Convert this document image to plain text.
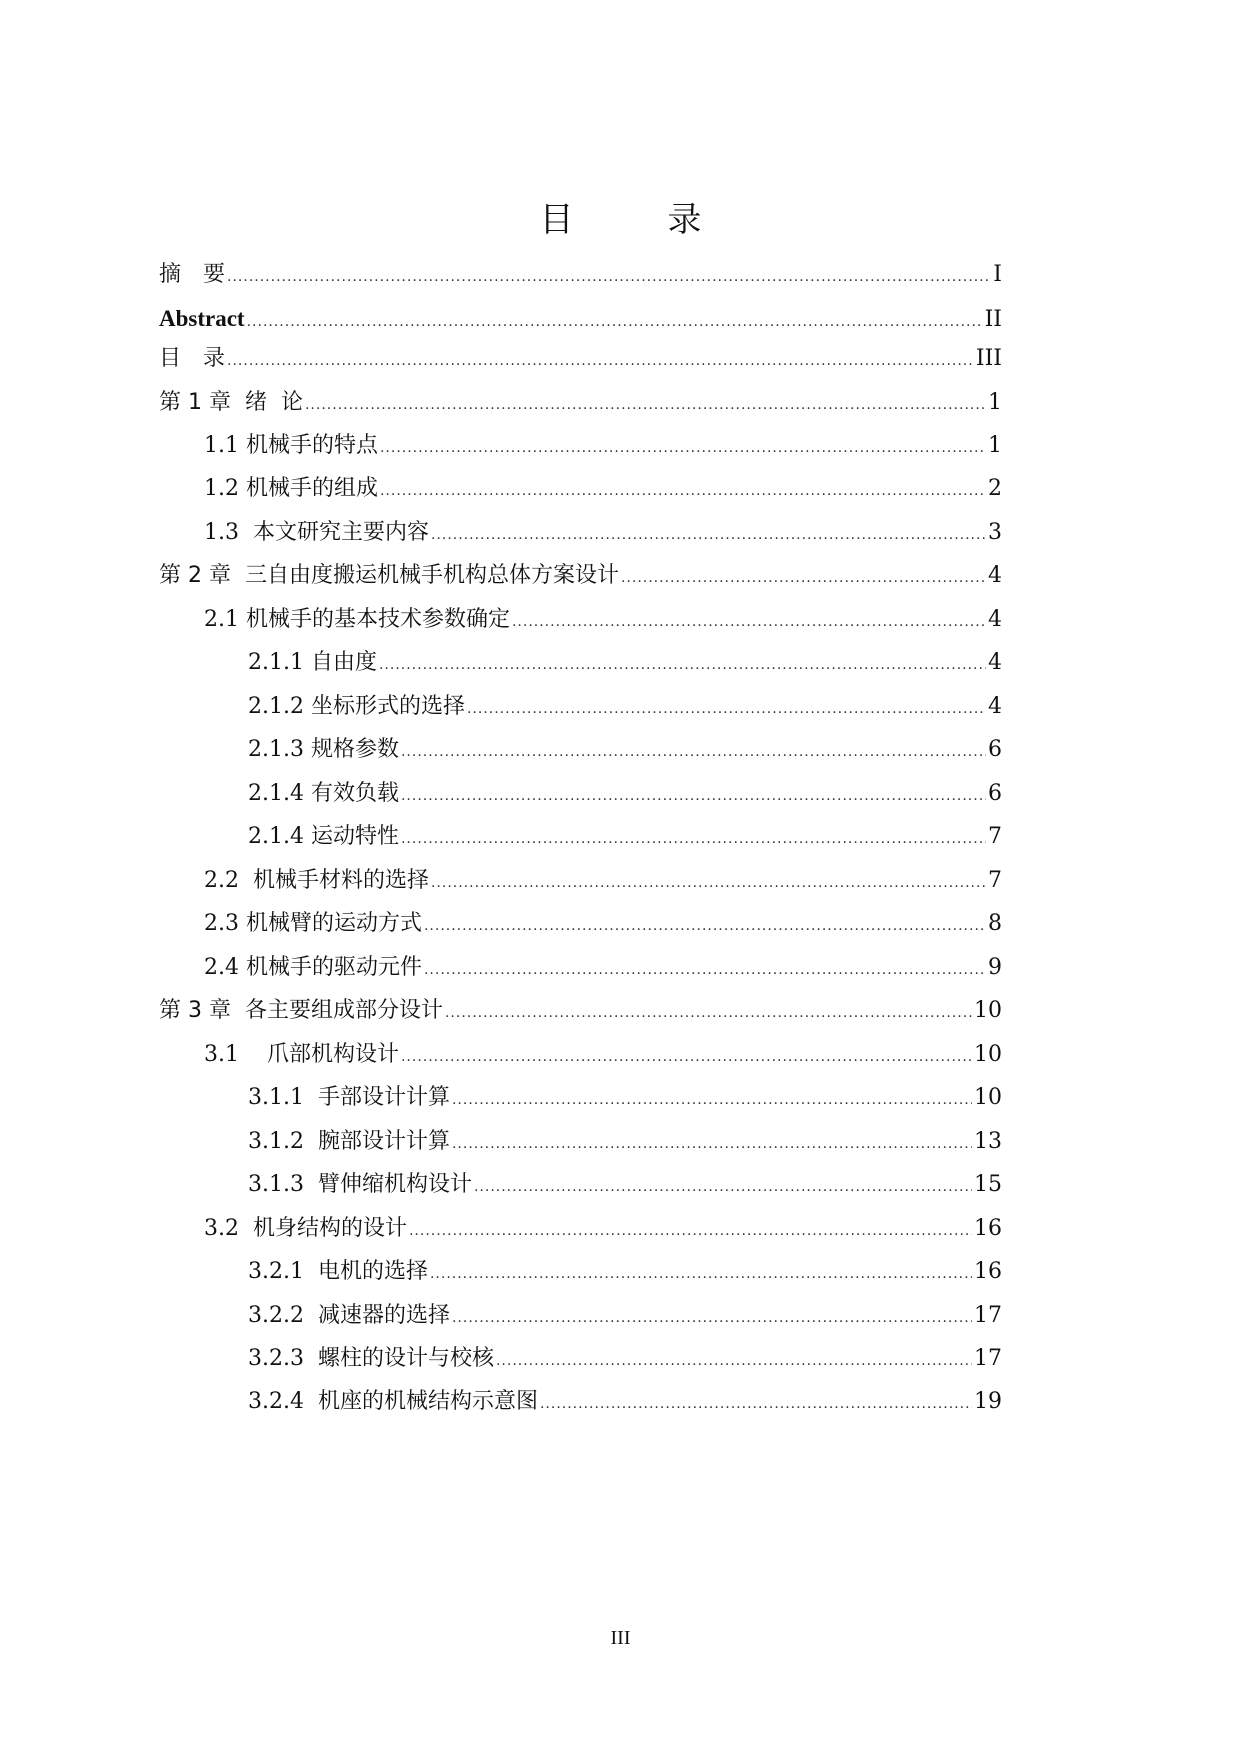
目　录
摘　要 .....	I
Abstract .....	II
目　录 .....	III
第 1 章  绪  论 .....	1
1.1 机械手的特点 .....	1
1.2 机械手的组成 .....	2
1.3  本文研究主要内容 .....	3
第 2 章  三自由度搬运机械手机构总体方案设计 .....	4
2.1 机械手的基本技术参数确定 .....	4
2.1.1 自由度 .....	4
2.1.2 坐标形式的选择 .....	4
2.1.3 规格参数 .....	6
2.1.4 有效负载 .....	6
2.1.4 运动特性 .....	7
2.2  机械手材料的选择 .....	7
2.3 机械臂的运动方式 .....	8
2.4 机械手的驱动元件 .....	9
第 3 章  各主要组成部分设计 .....	10
3.1    爪部机构设计 .....	10
3.1.1  手部设计计算 .....	10
3.1.2  腕部设计计算 .....	13
3.1.3  臂伸缩机构设计 .....	15
3.2  机身结构的设计 .....	16
3.2.1  电机的选择 .....	16
3.2.2  减速器的选择 .....	17
3.2.3  螺柱的设计与校核 .....	17
3.2.4  机座的机械结构示意图 .....	19
III
